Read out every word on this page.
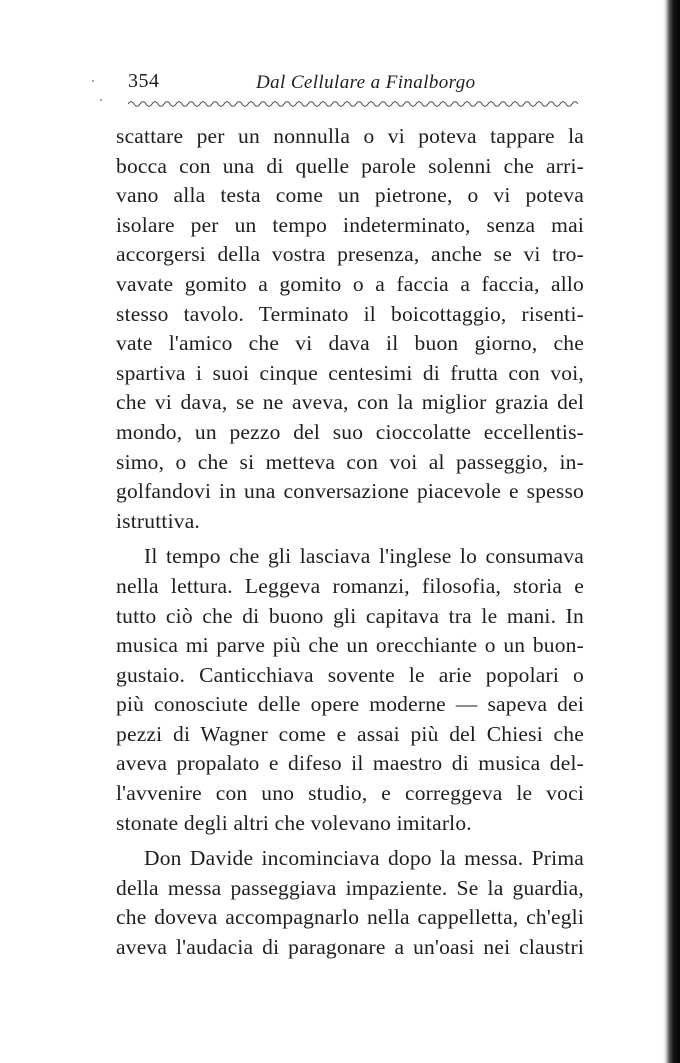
354	Dal Cellulare a Finalborgo
scattare per un nonnulla o vi poteva tappare la
bocca con una di quelle parole solenni che arri-
vano alla testa come un pietrone, o vi poteva
isolare per un tempo indeterminato, senza mai
accorgersi della vostra presenza, anche se vi tro-
vavate gomito a gomito o a faccia a faccia, allo
stesso tavolo. Terminato il boicottaggio, risenti-
vate l'amico che vi dava il buon giorno, che
spartiva i suoi cinque centesimi di frutta con voi,
che vi dava, se ne aveva, con la miglior grazia del
mondo, un pezzo del suo cioccolatte eccellentis-
simo, o che si metteva con voi al passeggio, in-
golfandovi in una conversazione piacevole e spesso
istruttiva.
Il tempo che gli lasciava l'inglese lo consumava
nella lettura. Leggeva romanzi, filosofia, storia e
tutto ciò che di buono gli capitava tra le mani. In
musica mi parve più che un orecchiante o un buon-
gustaio. Canticchiava sovente le arie popolari o
più conosciute delle opere moderne — sapeva dei
pezzi di Wagner come e assai più del Chiesi che
aveva propalato e difeso il maestro di musica del-
l'avvenire con uno studio, e correggeva le voci
stonate degli altri che volevano imitarlo.
Don Davide incominciava dopo la messa. Prima
della messa passeggiava impaziente. Se la guardia,
che doveva accompagnarlo nella cappelletta, ch'egli
aveva l'audacia di paragonare a un'oasi nei claustri
